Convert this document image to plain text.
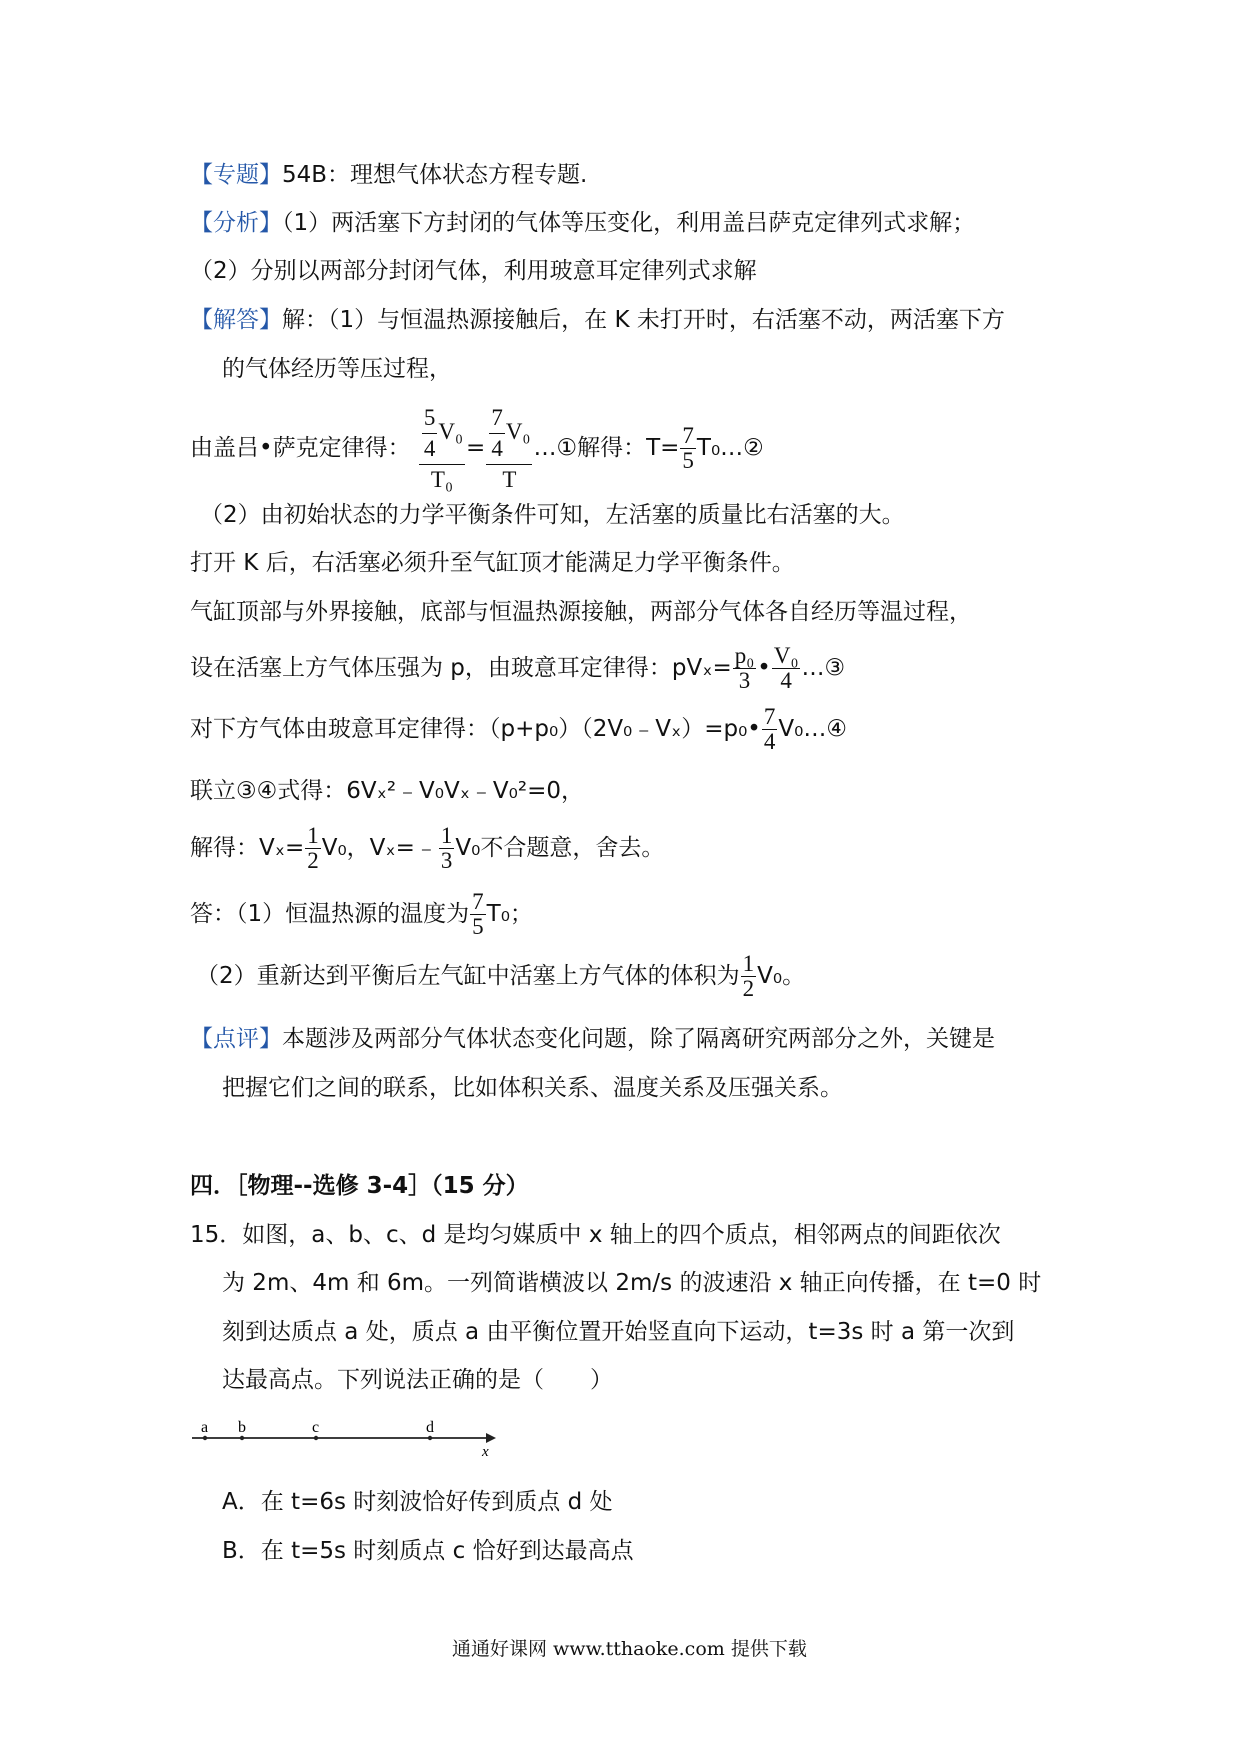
【专题】54B：理想气体状态方程专题.
【分析】（1）两活塞下方封闭的气体等压变化，利用盖吕萨克定律列式求解；
（2）分别以两部分封闭气体，利用玻意耳定律列式求解
【解答】解：（1）与恒温热源接触后，在 K 未打开时，右活塞不动，两活塞下方
的气体经历等压过程，
由盖吕•萨克定律得： $\frac{\frac{5}{4} V_0}{\text{T₀}} = \frac{\frac{7}{4} V_0}{T}$ …①解得：$T= \frac{7}{5}$ T₀…②
（2）由初始状态的力学平衡条件可知，左活塞的质量比右活塞的大。
打开 K 后，右活塞必须升至气缸顶才能满足力学平衡条件。
气缸顶部与外界接触，底部与恒温热源接触，两部分气体各自经历等温过程，
设在活塞上方气体压强为 p，由玻意耳定律得：$pV_x= \frac{\text{p₀}}{3}$ • $\frac{\text{V₀}}{4}$ …③
对下方气体由玻意耳定律得：（p+p₀）（2V₀﹣Vₓ）=p₀• $\frac{7}{4}$ V₀…④
联立③④式得：6Vₓ²﹣V₀Vₓ﹣V₀²=0，
解得：$V_x= \frac{1}{2} V_0$，Vₓ=﹣ $\frac{1}{3} V_0$不合题意，舍去。
答：（1）恒温热源的温度为 $\frac{7}{5} T_0$；
（2）重新达到平衡后左气缸中活塞上方气体的体积为 $\frac{1}{2} V_0$。
【点评】本题涉及两部分气体状态变化问题，除了隔离研究两部分之外，关键是
把握它们之间的联系，比如体积关系、温度关系及压强关系。
四．［物理--选修 3-4］（15 分）
15．如图，a、b、c、d 是均匀媒质中 x 轴上的四个质点，相邻两点的间距依次
为 2m、4m 和 6m。一列简谐横波以 2m/s 的波速沿 x 轴正向传播，在 t=0 时
刻到达质点 a 处，质点 a 由平衡位置开始竖直向下运动，t=3s 时 a 第一次到
达最高点。下列说法正确的是（　　）
a b	c	d
x
A．在 t=6s 时刻波恰好传到质点 d 处
B．在 t=5s 时刻质点 c 恰好到达最高点
通通好课网 www.tthaoke.com 提供下载
